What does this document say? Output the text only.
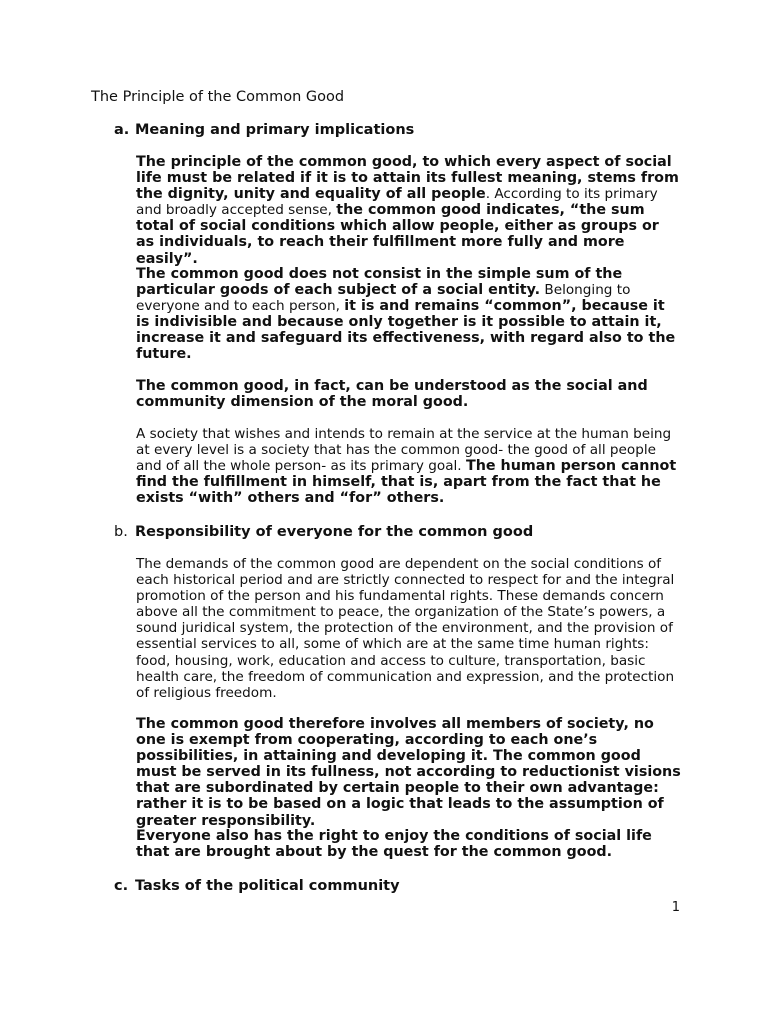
The Principle of the Common Good
a. Meaning and primary implications

The principle of the common good, to which every aspect of social life must be related if it is to attain its fullest meaning, stems from the dignity, unity and equality of all people. According to its primary and broadly accepted sense, the common good indicates, “the sum total of social conditions which allow people, either as groups or as individuals, to reach their fulfillment more fully and more easily”.

The common good does not consist in the simple sum of the particular goods of each subject of a social entity. Belonging to everyone and to each person, it is and remains “common”, because it is indivisible and because only together is it possible to attain it, increase it and safeguard its effectiveness, with regard also to the future.

The common good, in fact, can be understood as the social and community dimension of the moral good.

A society that wishes and intends to remain at the service at the human being at every level is a society that has the common good- the good of all people and of all the whole person- as its primary goal. The human person cannot find the fulfillment in himself, that is, apart from the fact that he exists “with” others and “for” others.

b. Responsibility of everyone for the common good

The demands of the common good are dependent on the social conditions of each historical period and are strictly connected to respect for and the integral promotion of the person and his fundamental rights. These demands concern above all the commitment to peace, the organization of the State’s powers, a sound juridical system, the protection of the environment, and the provision of essential services to all, some of which are at the same time human rights: food, housing, work, education and access to culture, transportation, basic health care, the freedom of communication and expression, and the protection of religious freedom.

The common good therefore involves all members of society, no one is exempt from cooperating, according to each one’s possibilities, in attaining and developing it. The common good must be served in its fullness, not according to reductionist visions that are subordinated by certain people to their own advantage: rather it is to be based on a logic that leads to the assumption of greater responsibility.

Everyone also has the right to enjoy the conditions of social life that are brought about by the quest for the common good.

c. Tasks of the political community
1
